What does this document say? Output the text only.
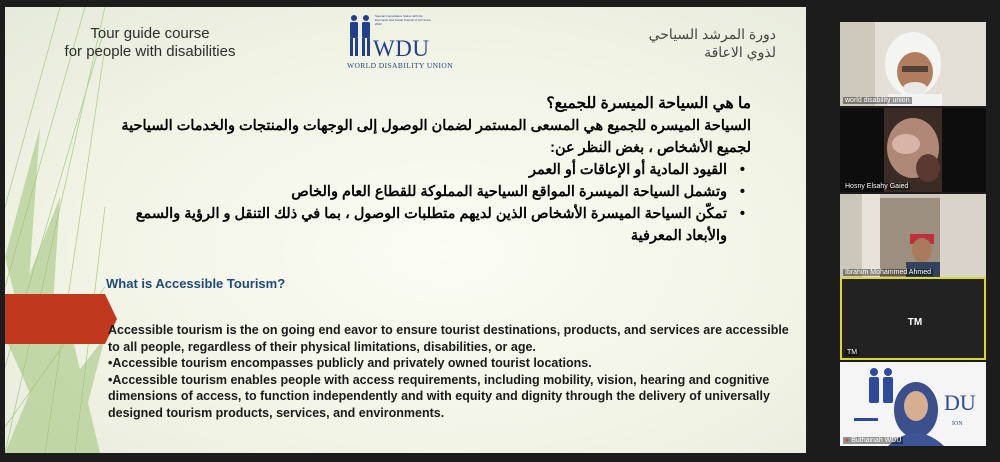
Tour guide course
for people with disabilities
دورة المرشد السياحي
لذوي الاعاقة
Special Consultative Status with the Economic and Social Council of UN Since 2022
WDU
WORLD DISABILITY UNION
ما هي السياحة الميسرة للجميع؟
السياحة الميسره للجميع هي المسعى المستمر لضمان الوصول إلى الوجهات والمنتجات والخدمات السياحية لجميع الأشخاص ، بغض النظر عن:
• القيود المادية أو الإعاقات أو العمر
• وتشمل السياحة الميسرة المواقع السياحية المملوكة للقطاع العام والخاص
• تمكّن السياحة الميسرة الأشخاص الذين لديهم متطلبات الوصول ، بما في ذلك التنقل و الرؤية والسمع والأبعاد المعرفية
What is Accessible Tourism?
Accessible tourism is the on going end eavor to ensure tourist destinations, products, and services are accessible to all people, regardless of their physical limitations, disabilities, or age.
•Accessible tourism encompasses publicly and privately owned tourist locations.
•Accessible tourism enables people with access requirements, including mobility, vision, hearing and cognitive dimensions of access, to function independently and with equity and dignity through the delivery of universally designed tourism products, services, and environments.
world disability union
Hosny Elsahy Gaied
Ibrahim Mohammed Ahmed
TM
TM
DU
ION
● Buthainah WDU
